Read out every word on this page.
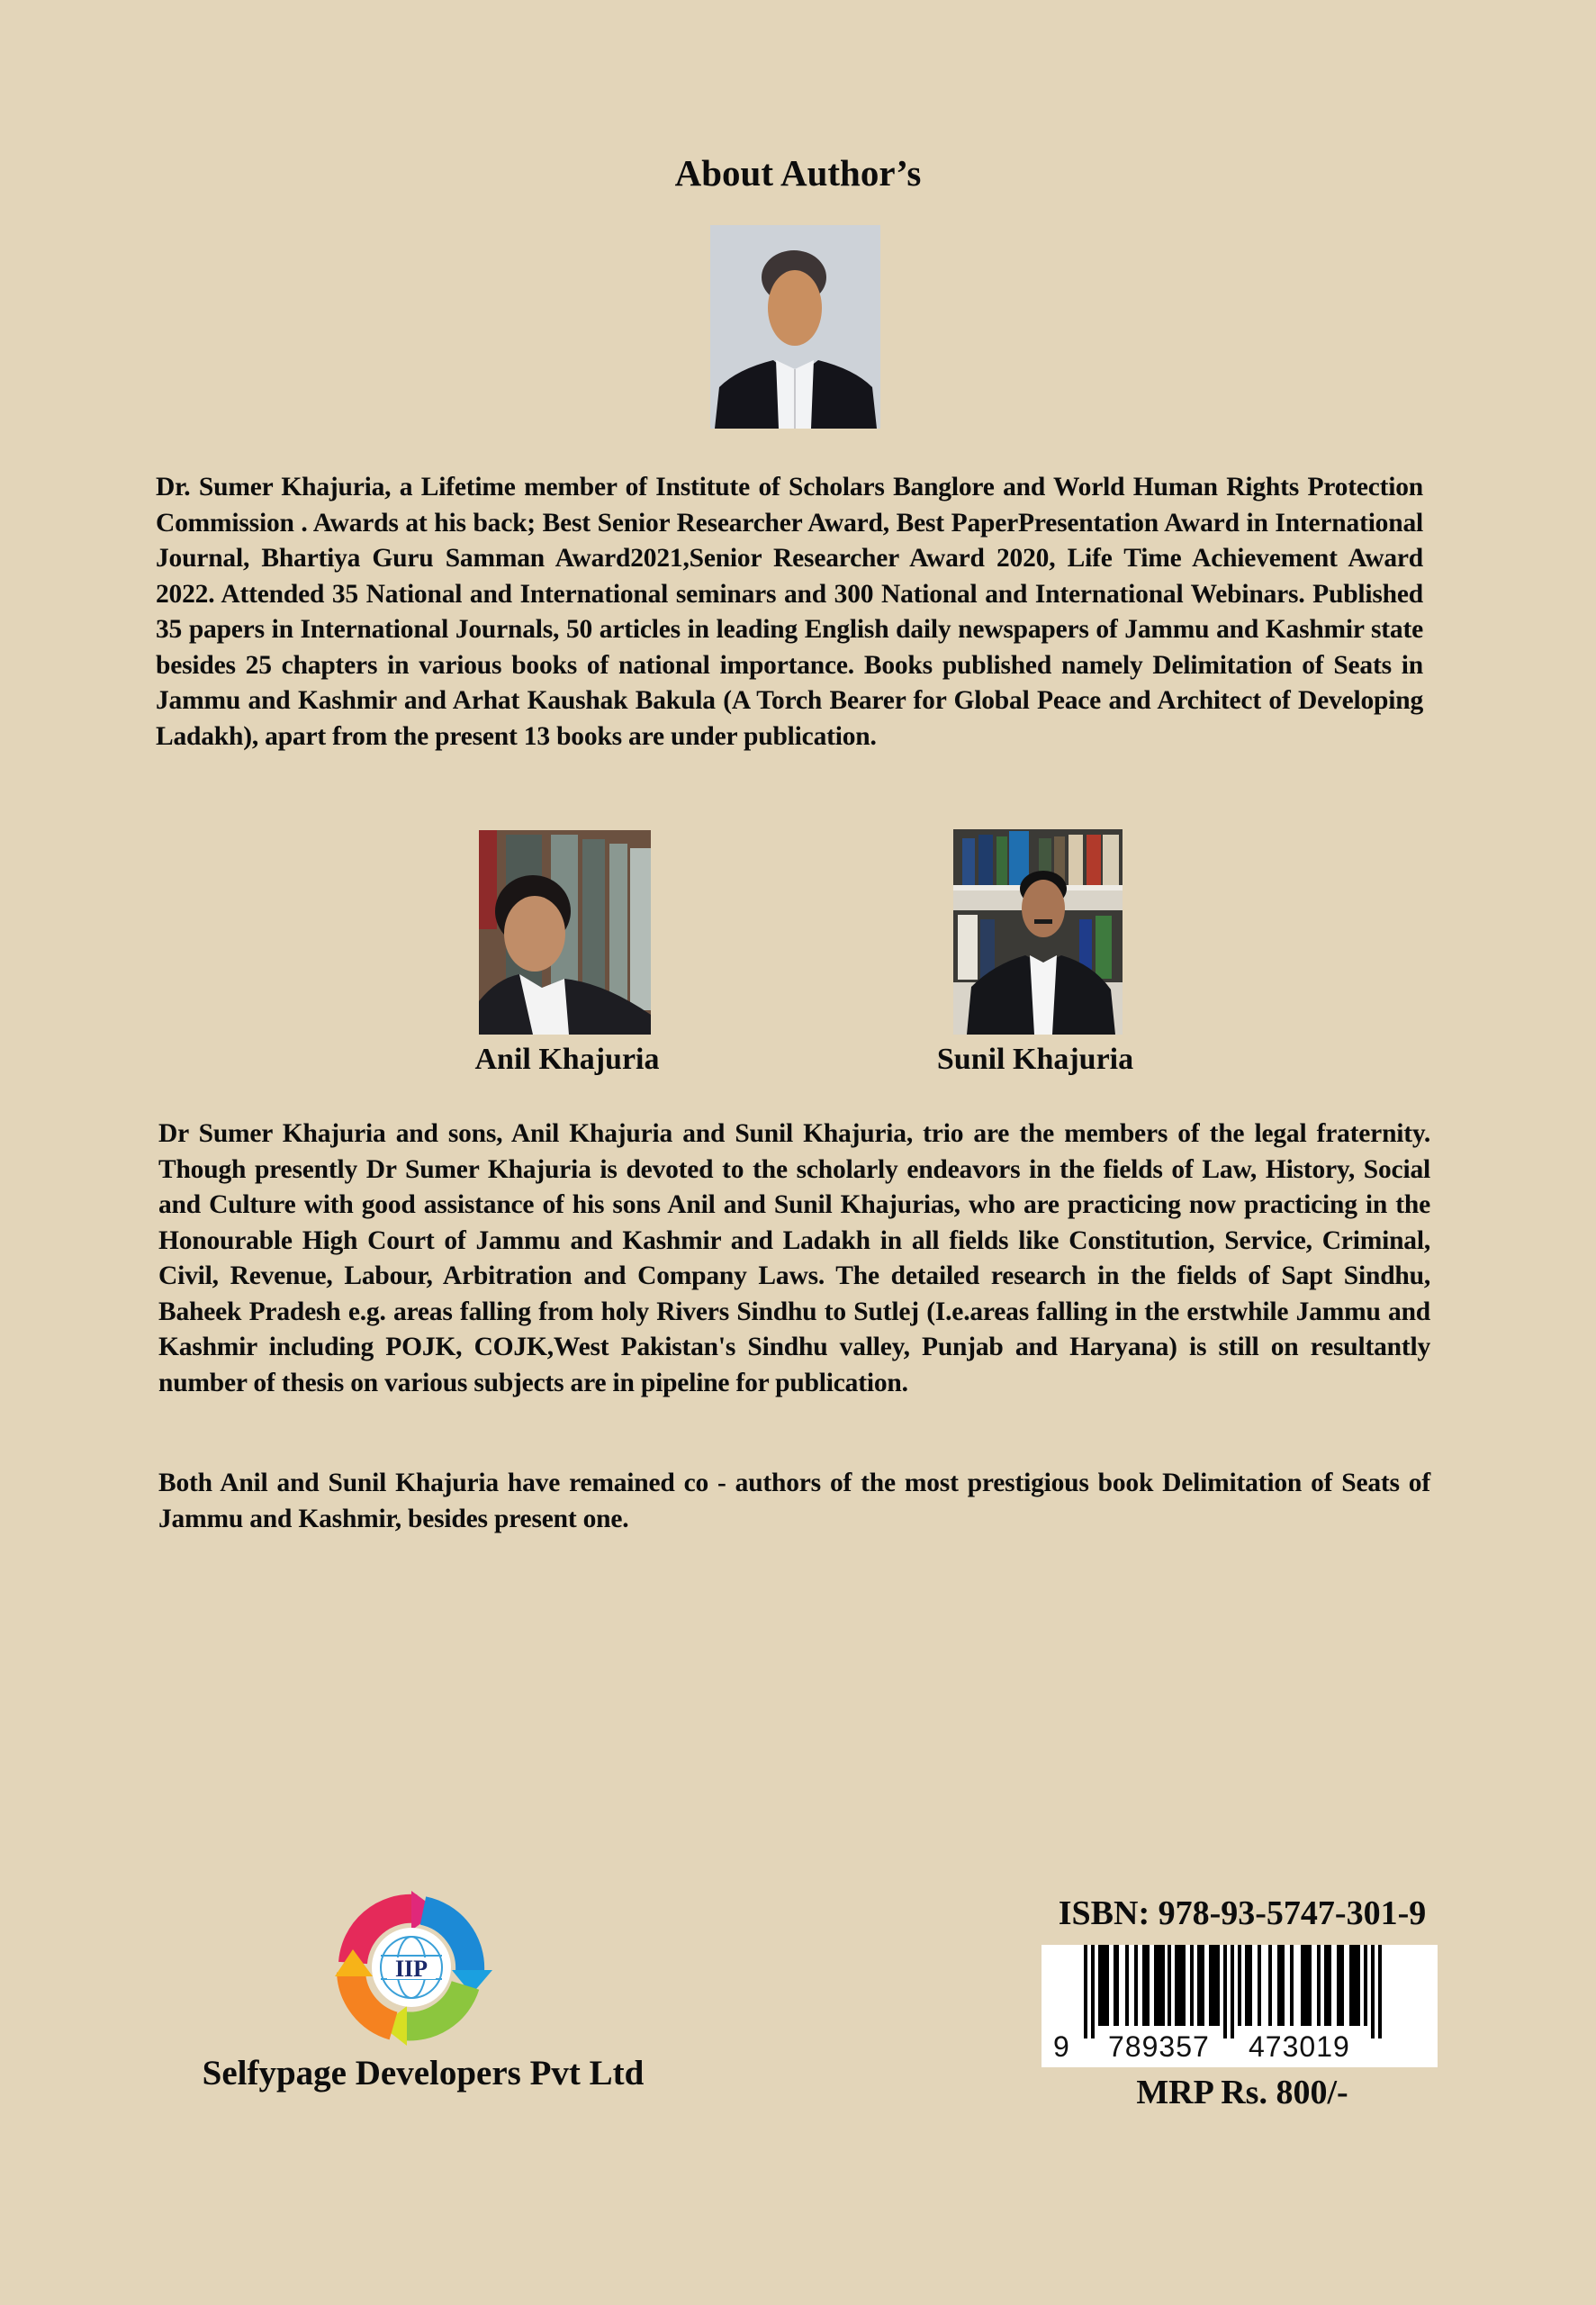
About Author’s
Dr. Sumer Khajuria, a Lifetime member of Institute of Scholars Banglore and World Human Rights Protection Commission . Awards at his back; Best Senior Researcher Award, Best PaperPresentation Award in International Journal, Bhartiya Guru Samman Award2021,Senior Researcher Award 2020, Life Time Achievement Award 2022. Attended 35 National and International seminars and 300 National and International Webinars. Published 35 papers in International Journals, 50 articles in leading English daily newspapers of Jammu and Kashmir state besides 25 chapters in various books of national importance. Books published namely Delimitation of Seats in Jammu and Kashmir and Arhat Kaushak Bakula (A Torch Bearer for Global Peace and Architect of Developing Ladakh), apart from the present 13 books are under publication.
Anil Khajuria	Sunil Khajuria
Dr Sumer Khajuria and sons, Anil Khajuria and Sunil Khajuria, trio are the members of the legal fraternity. Though presently Dr Sumer Khajuria is devoted to the scholarly endeavors in the fields of Law, History, Social and Culture with good assistance of his sons Anil and Sunil Khajurias, who are practicing now practicing in the Honourable High Court of Jammu and Kashmir and Ladakh in all fields like Constitution, Service, Criminal, Civil, Revenue, Labour, Arbitration and Company Laws. The detailed research in the fields of Sapt Sindhu, Baheek Pradesh e.g. areas falling from holy Rivers Sindhu to Sutlej (I.e.areas falling in the erstwhile Jammu and Kashmir including POJK, COJK,West Pakistan's Sindhu valley, Punjab and Haryana) is still on resultantly number of thesis on various subjects are in pipeline for publication.
Both Anil and Sunil Khajuria have remained co - authors of the most prestigious book Delimitation of Seats of Jammu and Kashmir, besides present one.
IIP
Selfypage Developers Pvt Ltd
ISBN: 978-93-5747-301-9
9 789357 473019
MRP Rs. 800/-
